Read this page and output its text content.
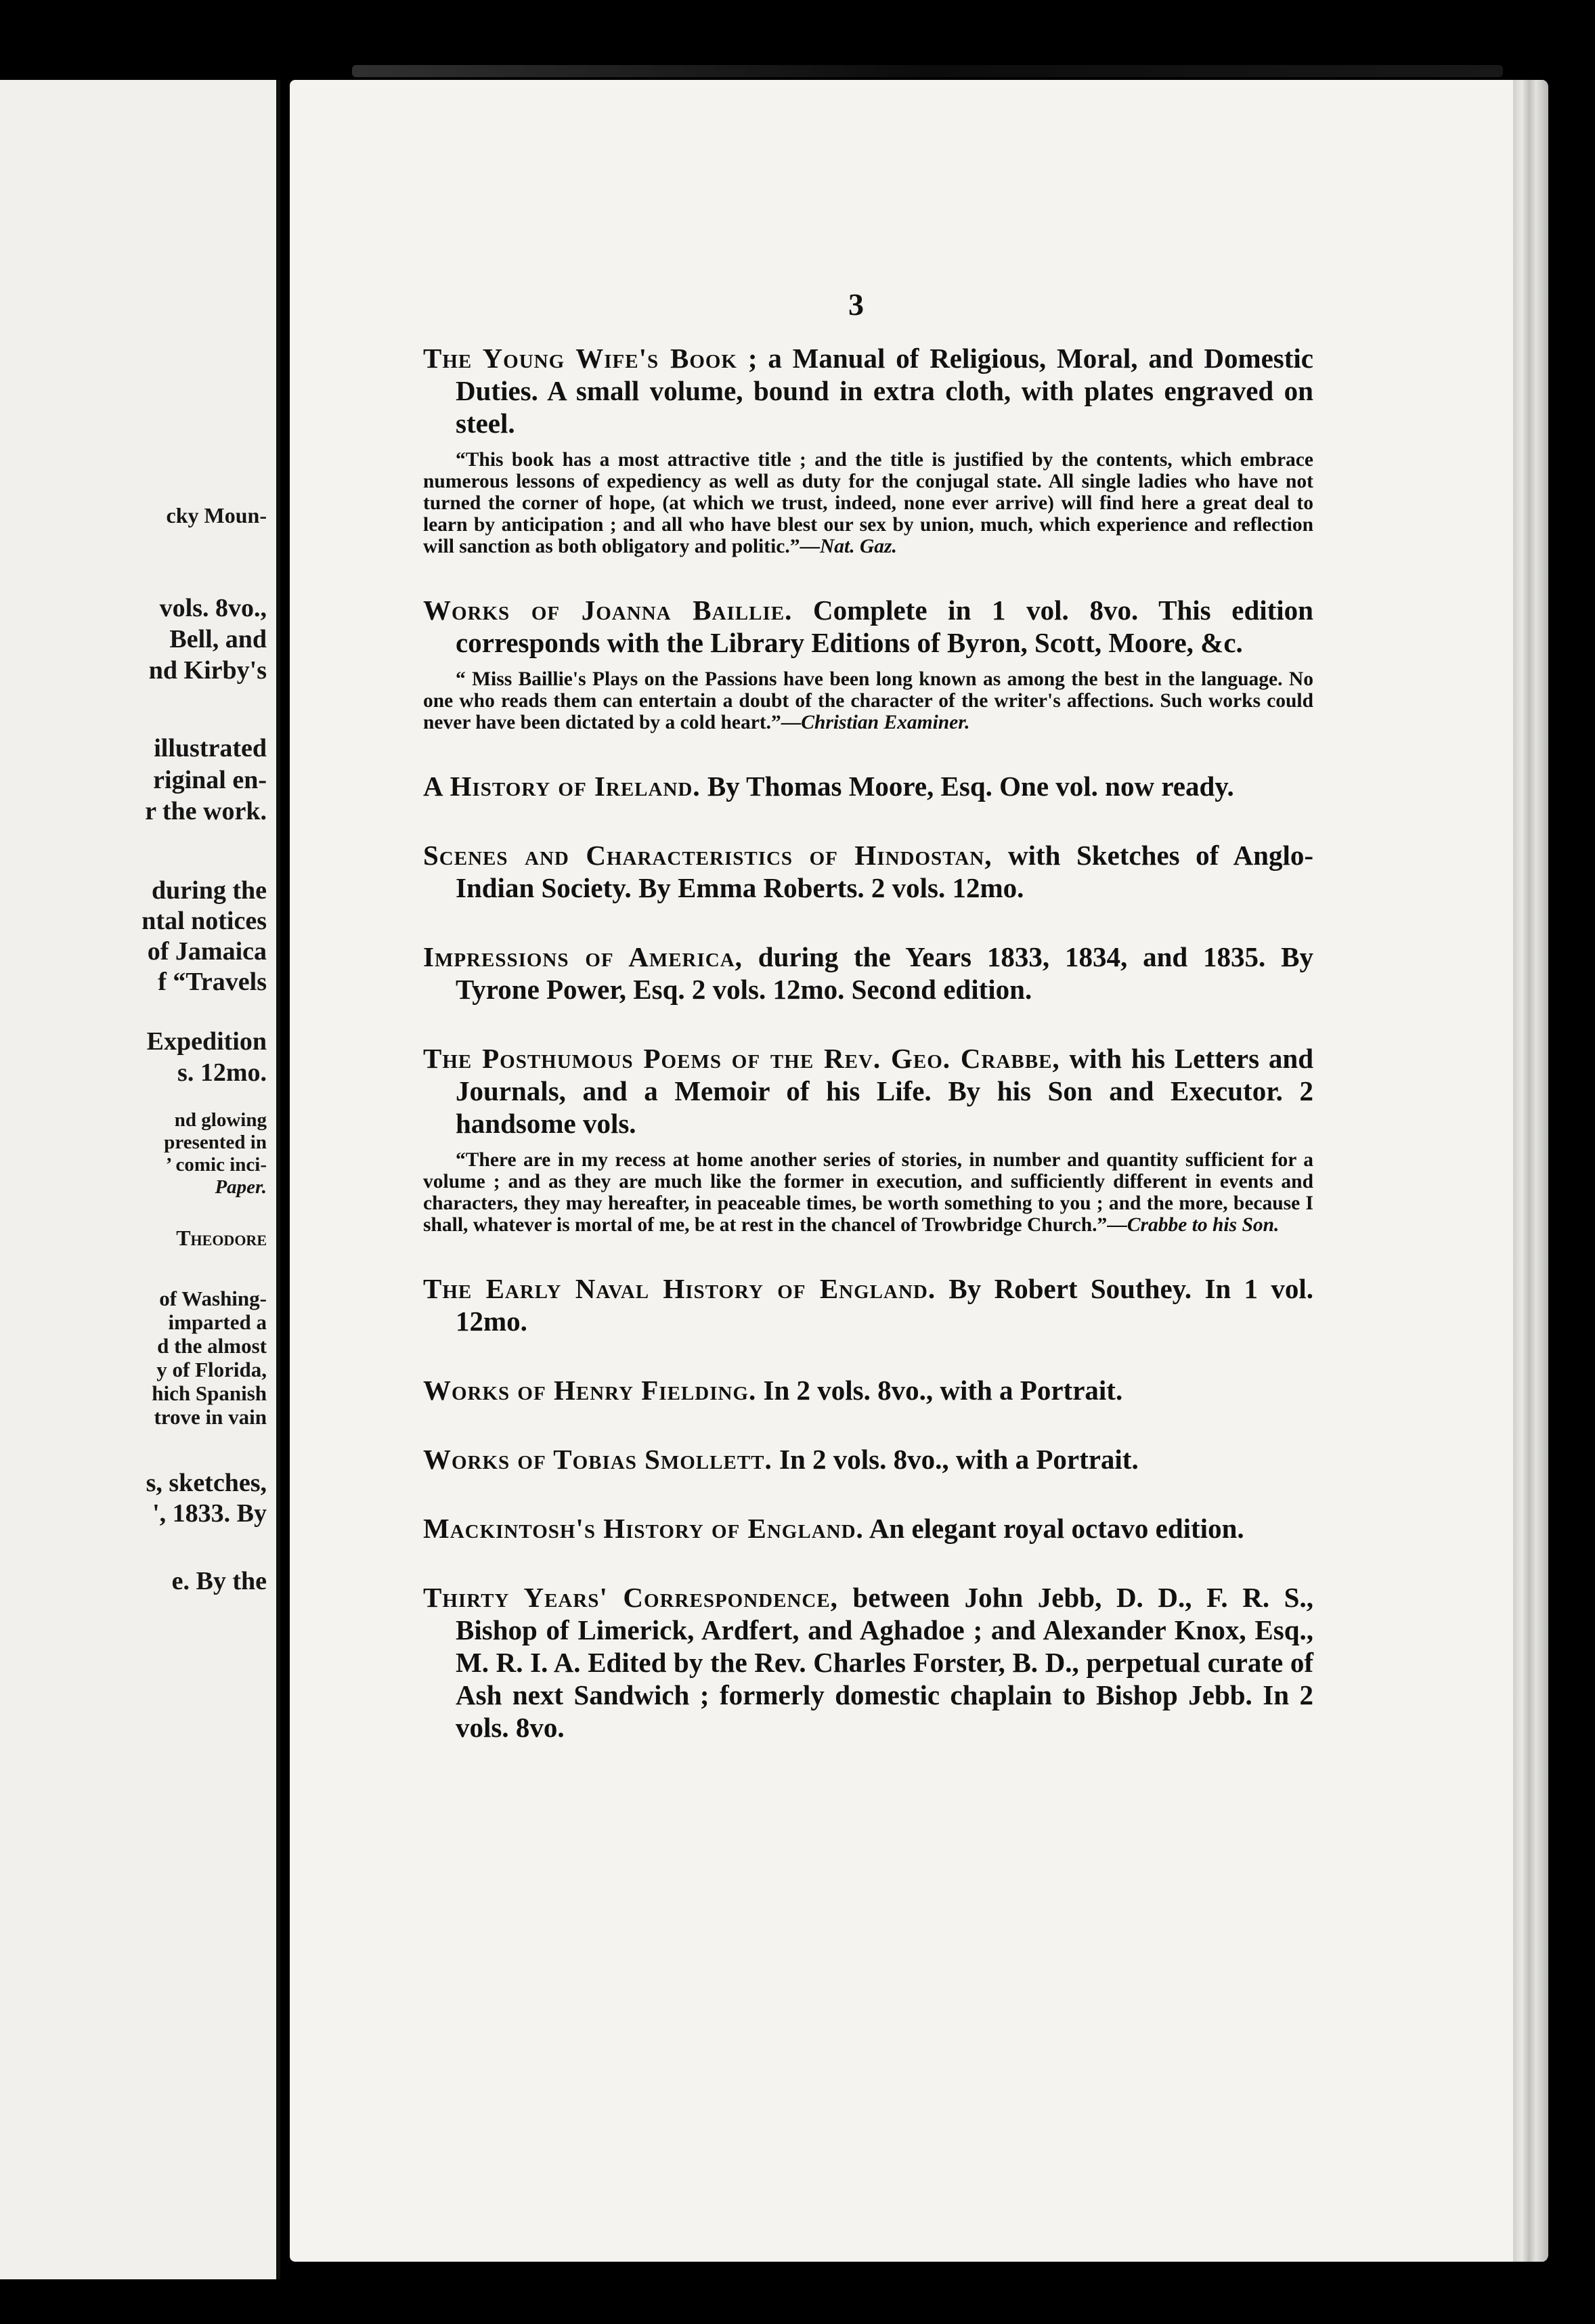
cky Moun-
vols. 8vo.,
Bell, and
nd Kirby's
illustrated
riginal en-
r the work.
during the
ntal notices
of Jamaica
f “Travels
Expedition
s. 12mo.
nd glowing
presented in
’ comic inci-
Paper.
Theodore
of Washing-
imparted a
d the almost
y of Florida,
hich Spanish
trove in vain
s, sketches,
', 1833. By
e. By the
3
The Young Wife's Book ; a Manual of Religious, Moral, and Domestic Duties. A small volume, bound in extra cloth, with plates engraved on steel.
“This book has a most attractive title ; and the title is justified by the contents, which embrace numerous lessons of expediency as well as duty for the conjugal state. All single ladies who have not turned the corner of hope, (at which we trust, indeed, none ever arrive) will find here a great deal to learn by anticipation ; and all who have blest our sex by union, much, which experience and reflection will sanction as both obligatory and politic.”—Nat. Gaz.
Works of Joanna Baillie. Complete in 1 vol. 8vo. This edition corresponds with the Library Editions of Byron, Scott, Moore, &c.
“ Miss Baillie's Plays on the Passions have been long known as among the best in the language. No one who reads them can entertain a doubt of the character of the writer's affections. Such works could never have been dictated by a cold heart.”—Christian Examiner.
A History of Ireland. By Thomas Moore, Esq. One vol. now ready.
Scenes and Characteristics of Hindostan, with Sketches of Anglo-Indian Society. By Emma Roberts. 2 vols. 12mo.
Impressions of America, during the Years 1833, 1834, and 1835. By Tyrone Power, Esq. 2 vols. 12mo. Second edition.
The Posthumous Poems of the Rev. Geo. Crabbe, with his Letters and Journals, and a Memoir of his Life. By his Son and Executor. 2 handsome vols.
“There are in my recess at home another series of stories, in number and quantity sufficient for a volume ; and as they are much like the former in execution, and sufficiently different in events and characters, they may hereafter, in peaceable times, be worth something to you ; and the more, because I shall, whatever is mortal of me, be at rest in the chancel of Trowbridge Church.”—Crabbe to his Son.
The Early Naval History of England. By Robert Southey. In 1 vol. 12mo.
Works of Henry Fielding. In 2 vols. 8vo., with a Portrait.
Works of Tobias Smollett. In 2 vols. 8vo., with a Portrait.
Mackintosh's History of England. An elegant royal octavo edition.
Thirty Years' Correspondence, between John Jebb, D. D., F. R. S., Bishop of Limerick, Ardfert, and Aghadoe ; and Alexander Knox, Esq., M. R. I. A. Edited by the Rev. Charles Forster, B. D., perpetual curate of Ash next Sandwich ; formerly domestic chaplain to Bishop Jebb. In 2 vols. 8vo.
